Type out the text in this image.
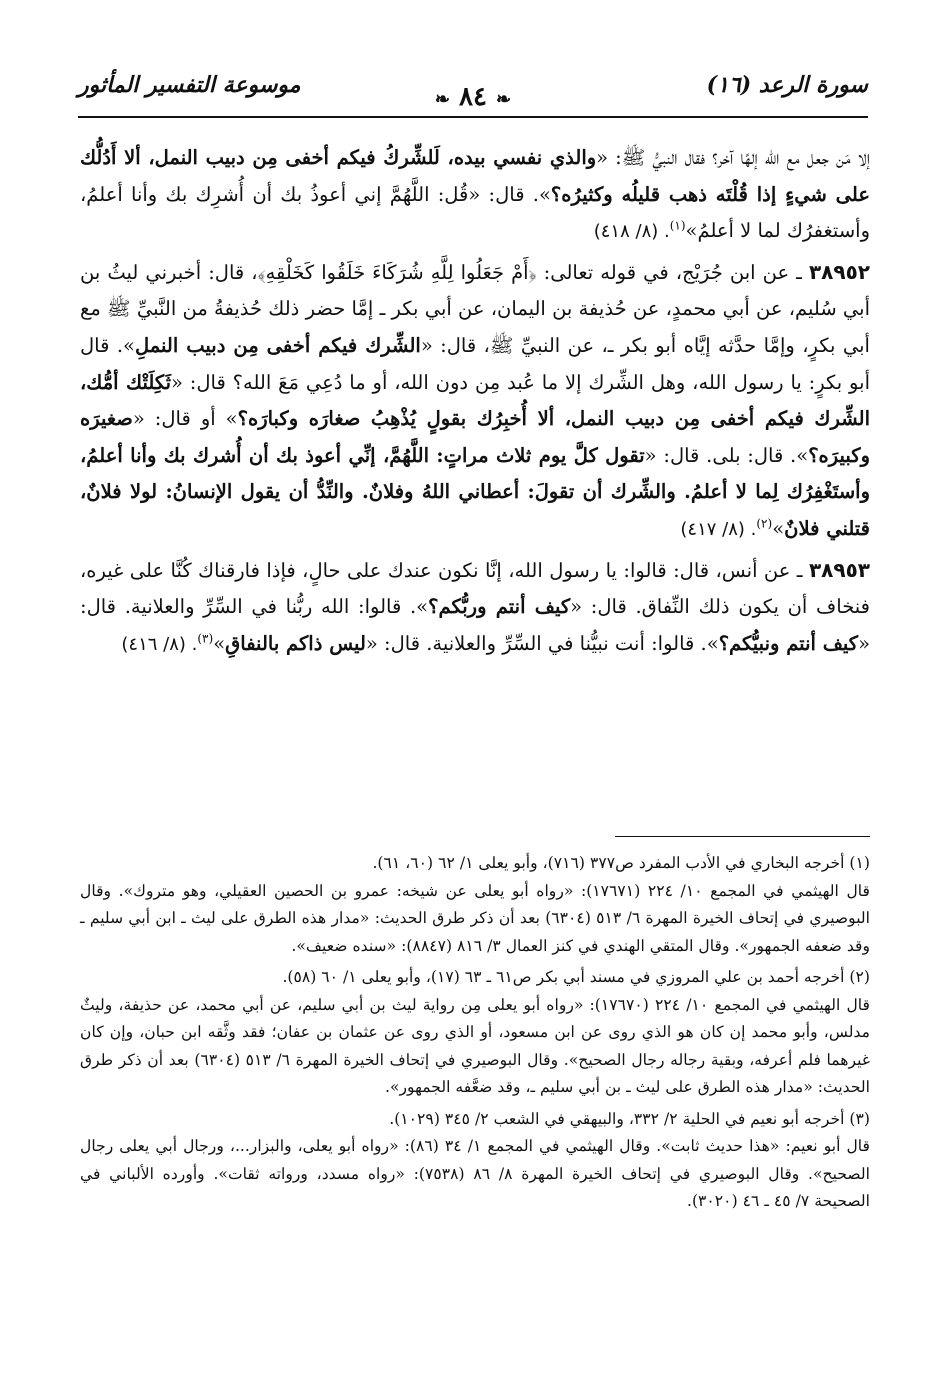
سورة الرعد (١٦)
❧ ٨٤ ❧
موسوعة التفسير المأثور

إلا مَن جعل مع الله إلهًا آخر؟ فقال النبيُّ ﷺ: «والذي نفسي بيده، لَلشِّركُ فيكم أخفى مِن دبيب النمل، ألا أَدُلُّك على شيءٍ إذا قُلْتَه ذهب قليلُه وكثيرُه؟». قال: «قُل: اللَّهُمَّ إني أعوذُ بك أن أُشرِك بك وأنا أعلمُ، وأستغفرُك لما لا أعلمُ»$^{(١)}$. (٨/ ٤١٨)

٣٨٩٥٢ ـ عن ابن جُرَيْج، في قوله تعالى: ﴿أَمْ جَعَلُوا لِلَّهِ شُرَكَاءَ خَلَقُوا كَخَلْقِهِ﴾، قال: أخبرني ليثُ بن أبي سُليم، عن أبي محمدٍ، عن حُذيفة بن اليمان، عن أبي بكر ـ إمَّا حضر ذلك حُذيفةُ من النَّبيِّ ﷺ مع أبي بكرٍ، وإمَّا حدَّثه إيَّاه أبو بكر ـ، عن النبيِّ ﷺ، قال: «الشِّرك فيكم أخفى مِن دبيب النملِ». قال أبو بكرٍ: يا رسول الله، وهل الشِّرك إلا ما عُبد مِن دون الله، أو ما دُعِي مَعَ الله؟ قال: «ثَكِلَتْك أمُّك، الشِّرك فيكم أخفى مِن دبيب النمل، ألا أُخبِرُك بقولٍ يُذْهِبُ صغارَه وكبارَه؟» أو قال: «صغيرَه وكبيرَه؟». قال: بلى. قال: «تقول كلَّ يوم ثلاث مراتٍ: اللَّهُمَّ، إنِّي أعوذ بك أن أُشرك بك وأنا أعلمُ، وأستَغْفِرُك لِما لا أعلمُ. والشِّرك أن تقولَ: أعطاني اللهُ وفلانٌ. والنِّدُّ أن يقول الإنسانُ: لولا فلانٌ، قتلني فلانٌ»$^{(٢)}$. (٨/ ٤١٧)

٣٨٩٥٣ ـ عن أنس، قال: قالوا: يا رسول الله، إنَّا نكون عندك على حالٍ، فإذا فارقناك كُنَّا على غيره، فنخاف أن يكون ذلك النِّفاق. قال: «كيف أنتم وربُّكم؟». قالوا: الله ربُّنا في السِّرِّ والعلانية. قال: «كيف أنتم ونبيُّكم؟». قالوا: أنت نبيُّنا في السِّرِّ والعلانية. قال: «ليس ذاكم بالنفاقِ»$^{(٣)}$. (٨/ ٤١٦)

(١) أخرجه البخاري في الأدب المفرد ص٣٧٧ (٧١٦)، وأبو يعلى ١/ ٦٢ (٦٠، ٦١).

قال الهيثمي في المجمع ١٠/ ٢٢٤ (١٧٦٧١): «رواه أبو يعلى عن شيخه: عمرو بن الحصين العقيلي، وهو متروك». وقال البوصيري في إتحاف الخيرة المهرة ٦/ ٥١٣ (٦٣٠٤) بعد أن ذكر طرق الحديث: «مدار هذه الطرق على ليث ـ ابن أبي سليم ـ وقد ضعفه الجمهور». وقال المتقي الهندي في كنز العمال ٣/ ٨١٦ (٨٨٤٧): «سنده ضعيف».

(٢) أخرجه أحمد بن علي المروزي في مسند أبي بكر ص٦١ ـ ٦٣ (١٧)، وأبو يعلى ١/ ٦٠ (٥٨).

قال الهيثمي في المجمع ١٠/ ٢٢٤ (١٧٦٧٠): «رواه أبو يعلى مِن رواية ليث بن أبي سليم، عن أبي محمد، عن حذيفة، وليثٌ مدلس، وأبو محمد إن كان هو الذي روى عن ابن مسعود، أو الذي روى عن عثمان بن عفان؛ فقد وثَّقه ابن حبان، وإن كان غيرهما فلم أعرفه، وبقية رجاله رجال الصحيح». وقال البوصيري في إتحاف الخيرة المهرة ٦/ ٥١٣ (٦٣٠٤) بعد أن ذكر طرق الحديث: «مدار هذه الطرق على ليث ـ بن أبي سليم ـ، وقد ضعَّفه الجمهور».

(٣) أخرجه أبو نعيم في الحلية ٢/ ٣٣٢، والبيهقي في الشعب ٢/ ٣٤٥ (١٠٢٩).

قال أبو نعيم: «هذا حديث ثابت». وقال الهيثمي في المجمع ١/ ٣٤ (٨٦): «رواه أبو يعلى، والبزار...، ورجال أبي يعلى رجال الصحيح». وقال البوصيري في إتحاف الخيرة المهرة ٨/ ٨٦ (٧٥٣٨): «رواه مسدد، ورواته ثقات». وأورده الألباني في الصحيحة ٧/ ٤٥ ـ ٤٦ (٣٠٢٠).
